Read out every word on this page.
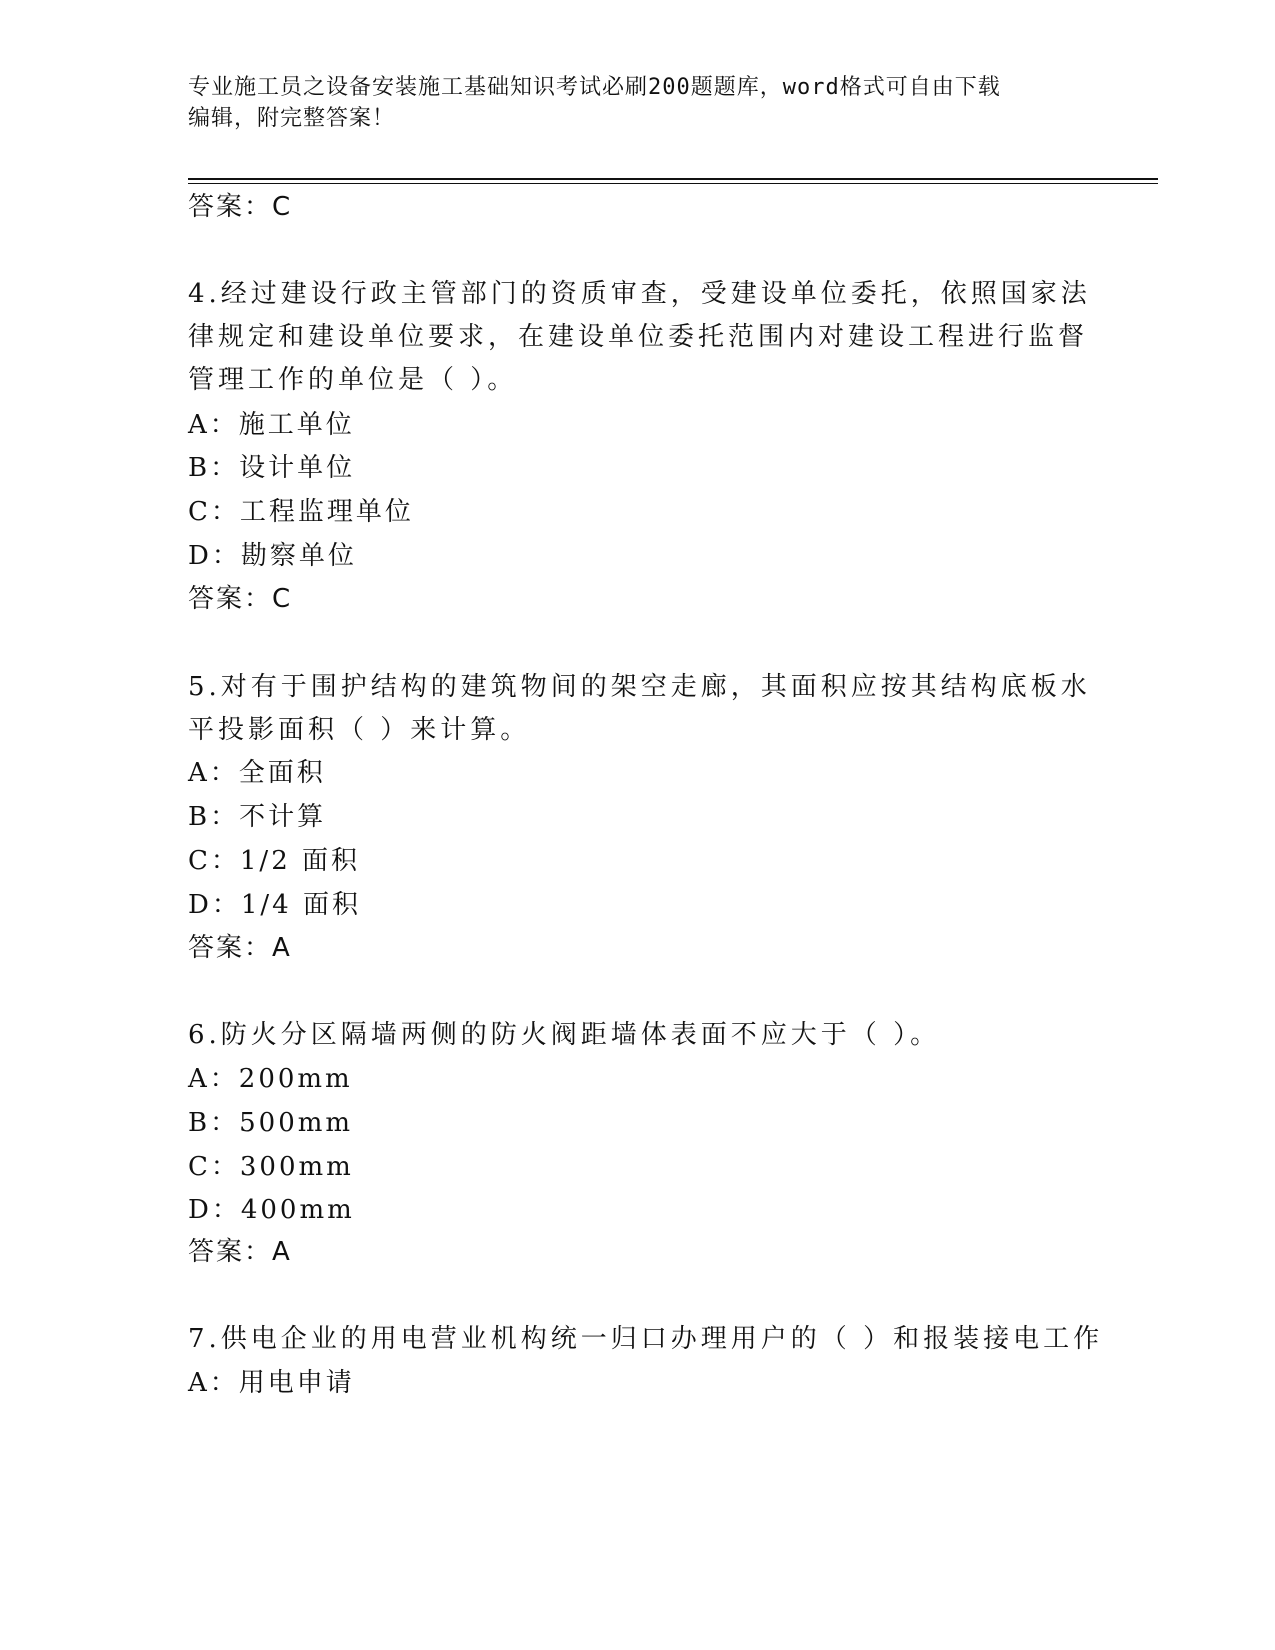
专业施工员之设备安装施工基础知识考试必刷200题题库，word格式可自由下载
编辑，附完整答案！
答案：C
4.经过建设行政主管部门的资质审查，受建设单位委托，依照国家法
律规定和建设单位要求，在建设单位委托范围内对建设工程进行监督
管理工作的单位是（ ）。
A：施工单位
B：设计单位
C：工程监理单位
D：勘察单位
答案：C
5.对有于围护结构的建筑物间的架空走廊，其面积应按其结构底板水
平投影面积（ ）来计算。
A：全面积
B：不计算
C：1/2 面积
D：1/4 面积
答案：A
6.防火分区隔墙两侧的防火阀距墙体表面不应大于（ ）。
A：200mm
B：500mm
C：300mm
D：400mm
答案：A
7.供电企业的用电营业机构统一归口办理用户的（ ）和报装接电工作
A：用电申请
